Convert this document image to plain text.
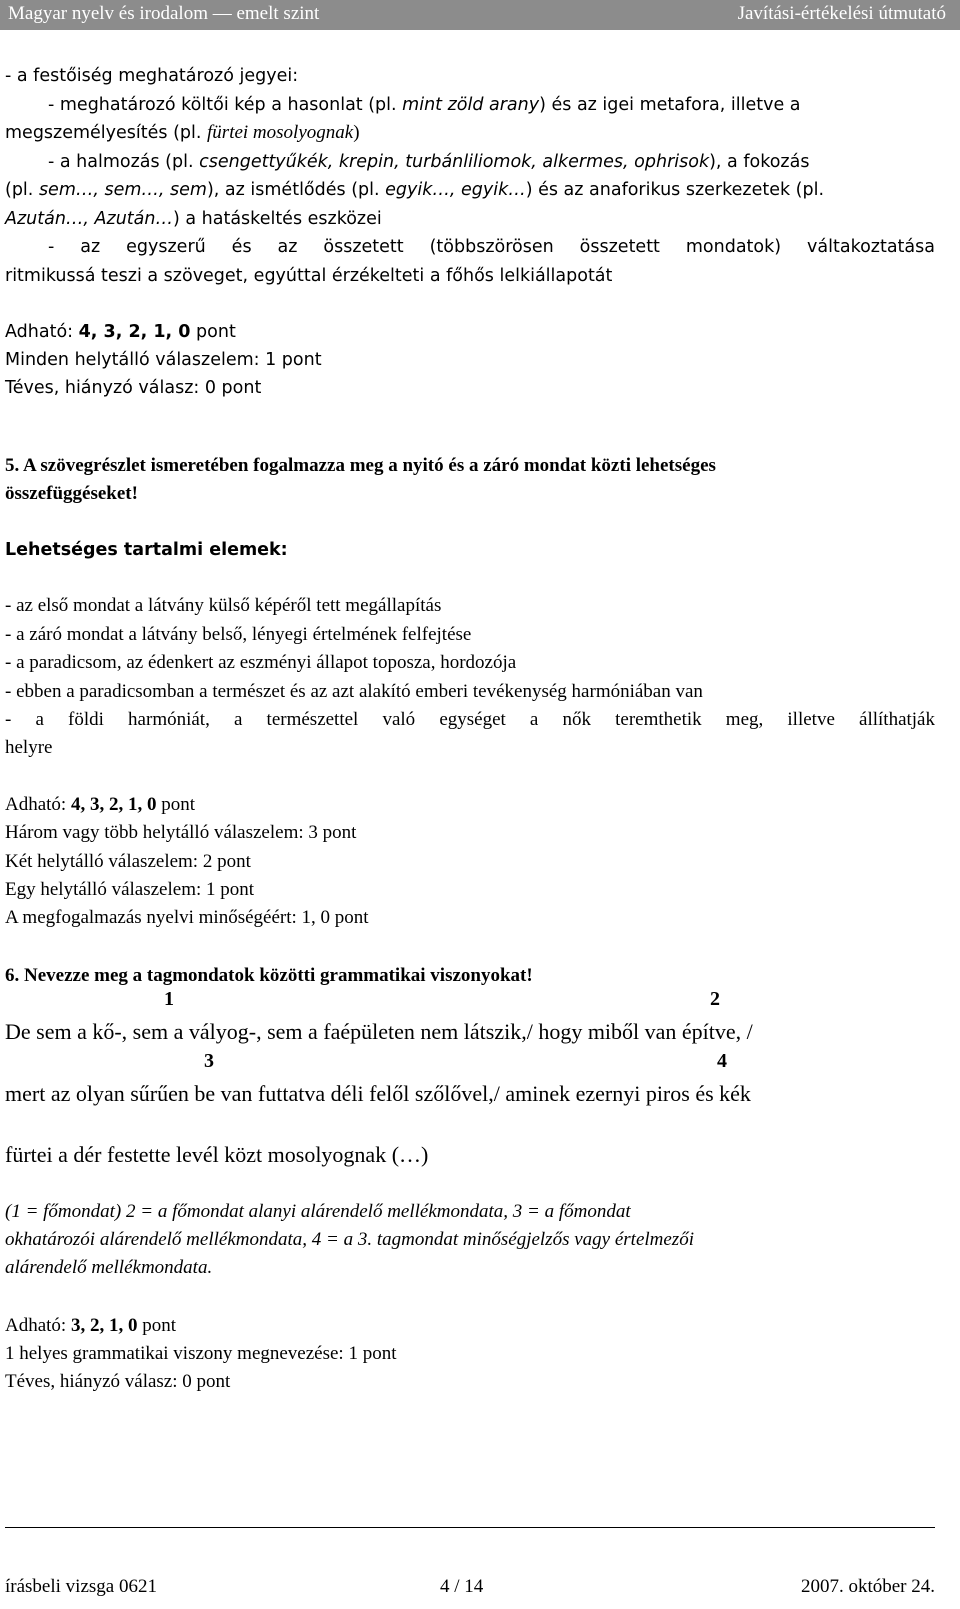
Magyar nyelv és irodalom — emelt szint	Javítási-értékelési útmutató

- a festőiség meghatározó jegyei:

- meghatározó költői kép a hasonlat (pl. mint zöld arany) és az igei metafora, illetve a

megszemélyesítés (pl. fürtei mosolyognak)

- a halmozás (pl. csengettyűkék, krepin, turbánliliomok, alkermes, ophrisok), a fokozás

(pl. sem…, sem…, sem), az ismétlődés (pl. egyik…, egyik…) és az anaforikus szerkezetek (pl.

Azután…, Azután…) a hatáskeltés eszközei

- az egyszerű és az összetett (többszörösen összetett mondatok) váltakoztatása

ritmikussá teszi a szöveget, egyúttal érzékelteti a főhős lelkiállapotát

Adható: 4, 3, 2, 1, 0 pont

Minden helytálló válaszelem: 1 pont

Téves, hiányzó válasz: 0 pont

5. A szövegrészlet ismeretében fogalmazza meg a nyitó és a záró mondat közti lehetséges

összefüggéseket!

Lehetséges tartalmi elemek:

- az első mondat a látvány külső képéről tett megállapítás

- a záró mondat a látvány belső, lényegi értelmének felfejtése

- a paradicsom, az édenkert az eszményi állapot toposza, hordozója

- ebben a paradicsomban a természet és az azt alakító emberi tevékenység harmóniában van

- a földi harmóniát, a természettel való egységet a nők teremthetik meg, illetve állíthatják

helyre

Adható: 4, 3, 2, 1, 0 pont

Három vagy több helytálló válaszelem: 3 pont

Két helytálló válaszelem: 2 pont

Egy helytálló válaszelem: 1 pont

A megfogalmazás nyelvi minőségéért: 1, 0 pont

6. Nevezze meg a tagmondatok közötti grammatikai viszonyokat!

1	2

De sem a kő-, sem a vályog-, sem a faépületen nem látszik,/ hogy miből van építve, /

3	4

mert az olyan sűrűen be van futtatva déli felől szőlővel,/ aminek ezernyi piros és kék

fürtei a dér festette levél közt mosolyognak (…)

(1 = főmondat) 2 = a főmondat alanyi alárendelő mellékmondata, 3 = a főmondat

okhatározói alárendelő mellékmondata, 4 = a 3. tagmondat minőségjelzős vagy értelmezői

alárendelő mellékmondata.

Adható: 3, 2, 1, 0 pont

1 helyes grammatikai viszony megnevezése: 1 pont

Téves, hiányzó válasz: 0 pont

írásbeli vizsga 0621	4 / 14	2007. október 24.
